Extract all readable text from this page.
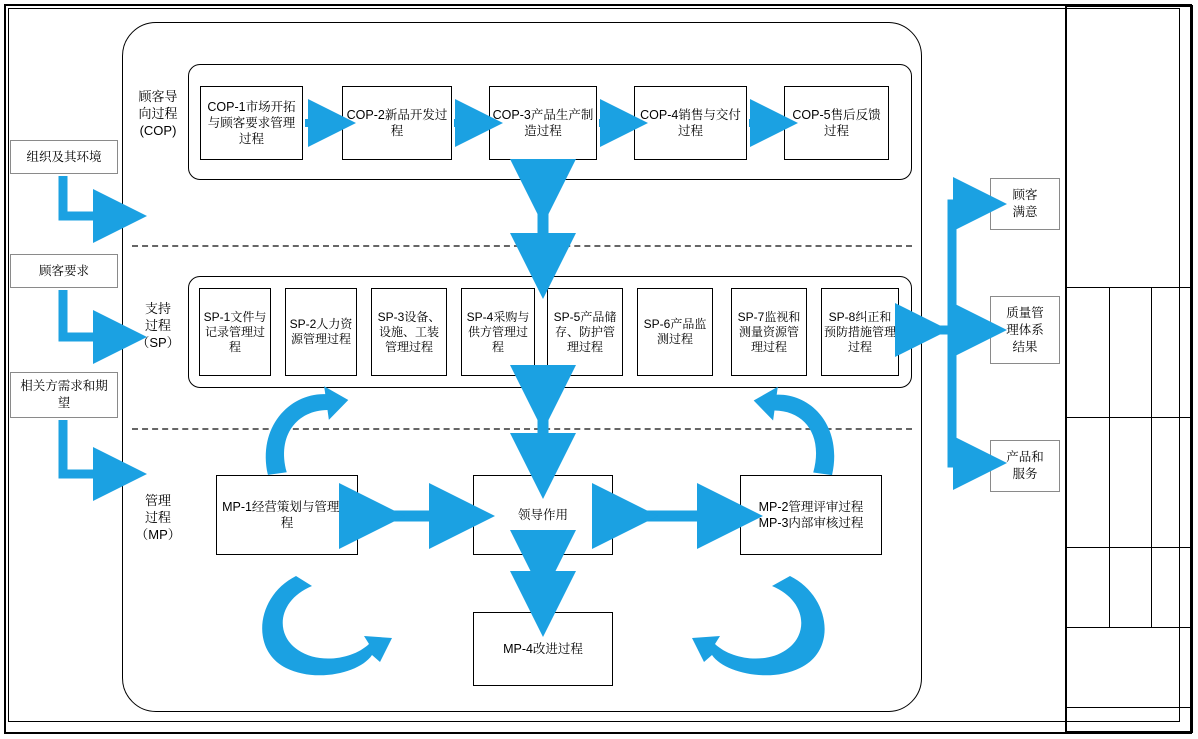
顾客导
向过程
(COP)
COP-1市场开拓与顾客要求管理过程
COP-2新品开发过程
COP-3产品生产制造过程
COP-4销售与交付过程
COP-5售后反馈过程
支持
过程
（SP）
SP-1文件与记录管理过程
SP-2人力资源管理过程
SP-3设备、设施、工装管理过程
SP-4采购与供方管理过程
SP-5产品储存、防护管理过程
SP-6产品监测过程
SP-7监视和测量资源管理过程
SP-8纠正和预防措施管理过程
管理
过程
（MP）
MP-1经营策划与管理过程
领导作用
MP-2管理评审过程
MP-3内部审核过程
MP-4改进过程
组织及其环境
顾客要求
相关方需求和期望
顾客
满意
质量管
理体系
结果
产品和
服务
